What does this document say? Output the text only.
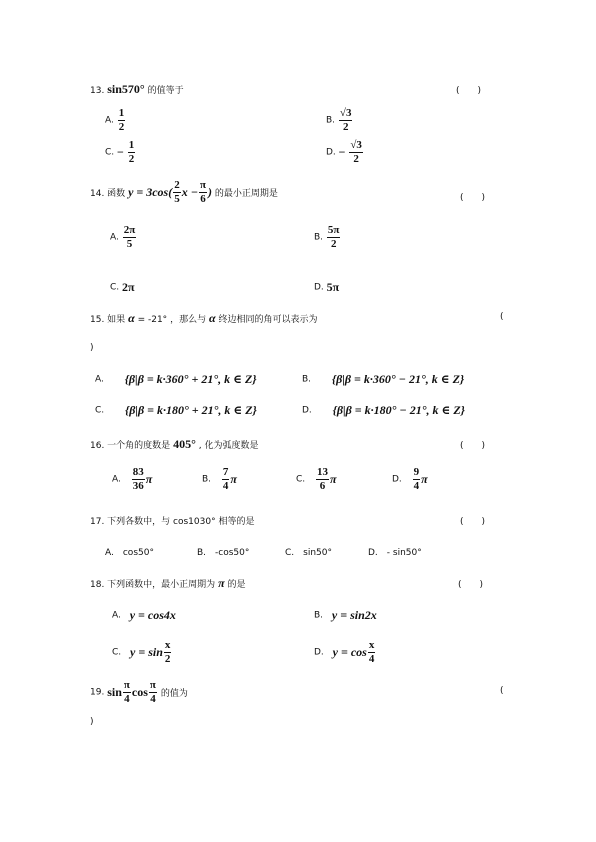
13. sin570° 的值等于	(　　)
A. $\frac{1}{2}$	B. $\frac{√3}{2}$
C. − $\frac{1}{2}$	D. − $\frac{√3}{2}$
14. 函数 $y = 3\cos( \frac{2}{5}$ $x - \frac{\pi}{6}$ ) 的最小正周期是	(　　)
A. $\frac{2\pi}{5}$	B. $\frac{5\pi}{2}$
C. 2π	D. 5π
15. 如果 α = -21° ，那么与 α 终边相同的角可以表示为	(
)
A. {β|β = k·360° + 21°, k ∈ Z}	B. {β|β = k·360° − 21°, k ∈ Z}
C. {β|β = k·180° + 21°, k ∈ Z}	D. {β|β = k·180° − 21°, k ∈ Z}
16. 一个角的度数是 405° , 化为弧度数是	(　　)
A. $\frac{83}{36}$ π	B. $\frac{7}{4}$ π	C. $\frac{13}{6}$ π	D. $\frac{9}{4}$ π
17. 下列各数中，与 cos1030° 相等的是	(　　)
A.　cos50°	B.　-cos50°	C.　sin50°	D.　- sin50°
18. 下列函数中，最小正周期为 π 的是	(　　)
A. y = cos4x	B. y = sin2x
C. $y = \sin \frac{x}{2}$	D. $y = \cos \frac{x}{4}$
19. $\sin \frac{\pi}{4}$ $\cos \frac{\pi}{4}$ 的值为	(
)
